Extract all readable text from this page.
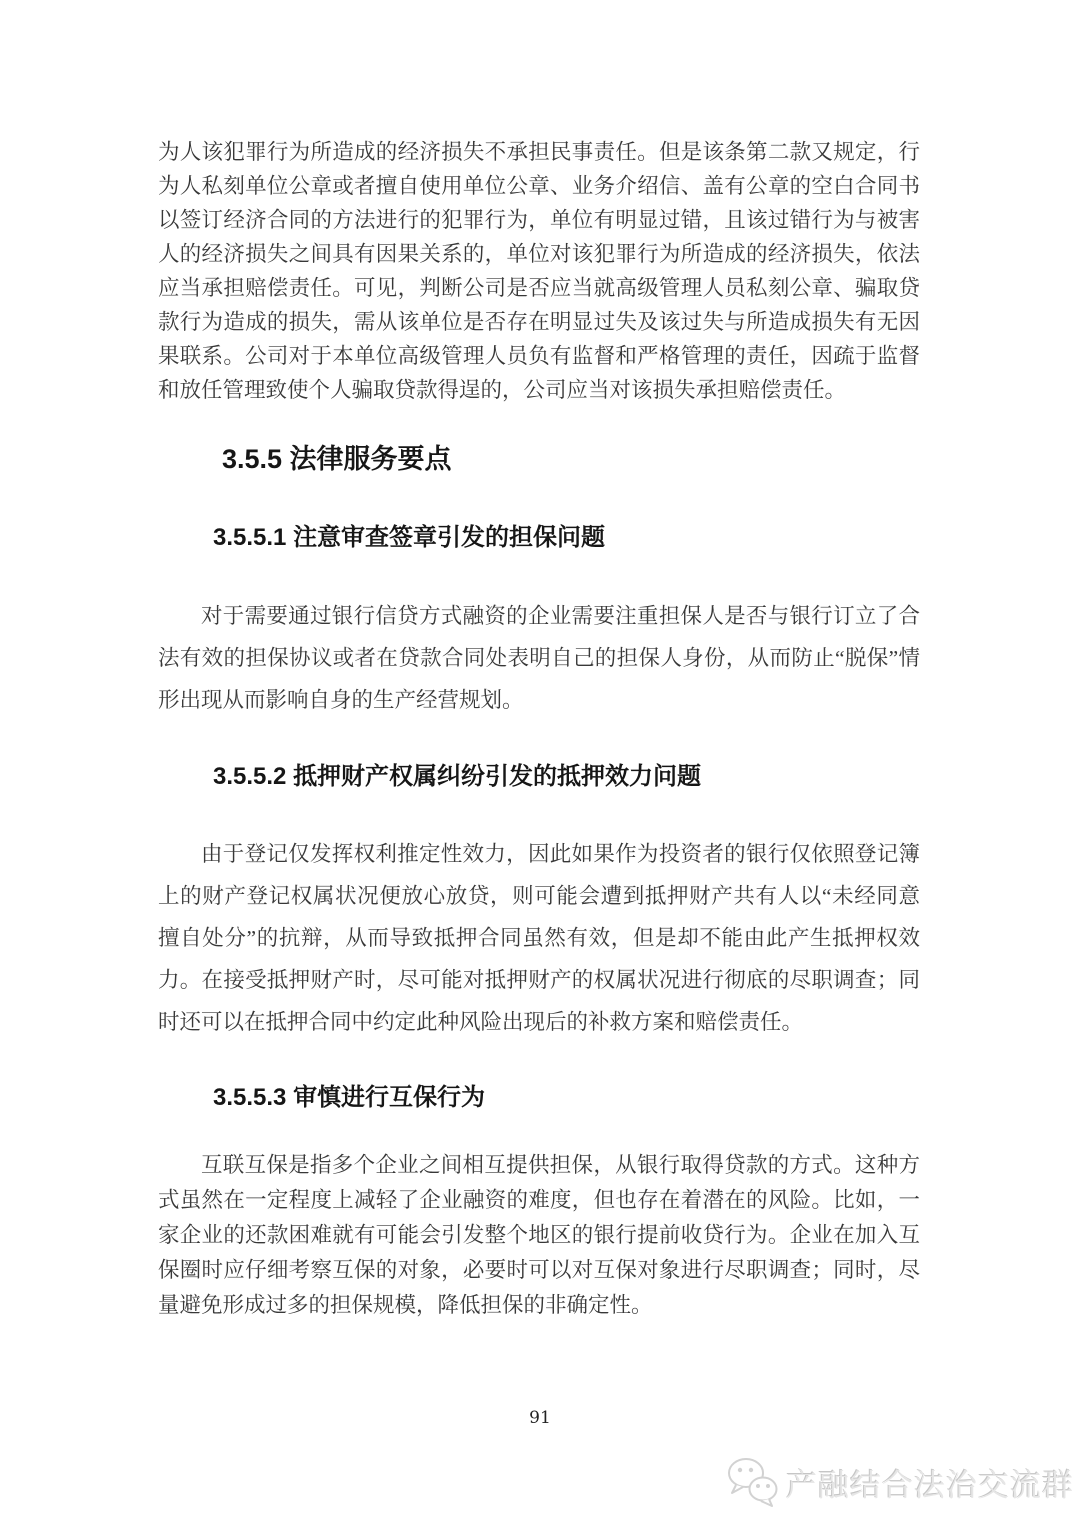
为人该犯罪行为所造成的经济损失不承担民事责任。但是该条第二款又规定，行为人私刻单位公章或者擅自使用单位公章、业务介绍信、盖有公章的空白合同书以签订经济合同的方法进行的犯罪行为，单位有明显过错，且该过错行为与被害人的经济损失之间具有因果关系的，单位对该犯罪行为所造成的经济损失，依法应当承担赔偿责任。可见，判断公司是否应当就高级管理人员私刻公章、骗取贷款行为造成的损失，需从该单位是否存在明显过失及该过失与所造成损失有无因果联系。公司对于本单位高级管理人员负有监督和严格管理的责任，因疏于监督和放任管理致使个人骗取贷款得逞的，公司应当对该损失承担赔偿责任。

3.5.5 法律服务要点
3.5.5.1 注意审查签章引发的担保问题

对于需要通过银行信贷方式融资的企业需要注重担保人是否与银行订立了合法有效的担保协议或者在贷款合同处表明自己的担保人身份，从而防止“脱保”情形出现从而影响自身的生产经营规划。

3.5.5.2 抵押财产权属纠纷引发的抵押效力问题

由于登记仅发挥权利推定性效力，因此如果作为投资者的银行仅依照登记簿上的财产登记权属状况便放心放贷，则可能会遭到抵押财产共有人以“未经同意擅自处分”的抗辩，从而导致抵押合同虽然有效，但是却不能由此产生抵押权效力。在接受抵押财产时，尽可能对抵押财产的权属状况进行彻底的尽职调查；同时还可以在抵押合同中约定此种风险出现后的补救方案和赔偿责任。

3.5.5.3 审慎进行互保行为

互联互保是指多个企业之间相互提供担保，从银行取得贷款的方式。这种方式虽然在一定程度上减轻了企业融资的难度，但也存在着潜在的风险。比如，一家企业的还款困难就有可能会引发整个地区的银行提前收贷行为。企业在加入互保圈时应仔细考察互保的对象，必要时可以对互保对象进行尽职调查；同时，尽量避免形成过多的担保规模，降低担保的非确定性。

91
产融结合法治交流群
